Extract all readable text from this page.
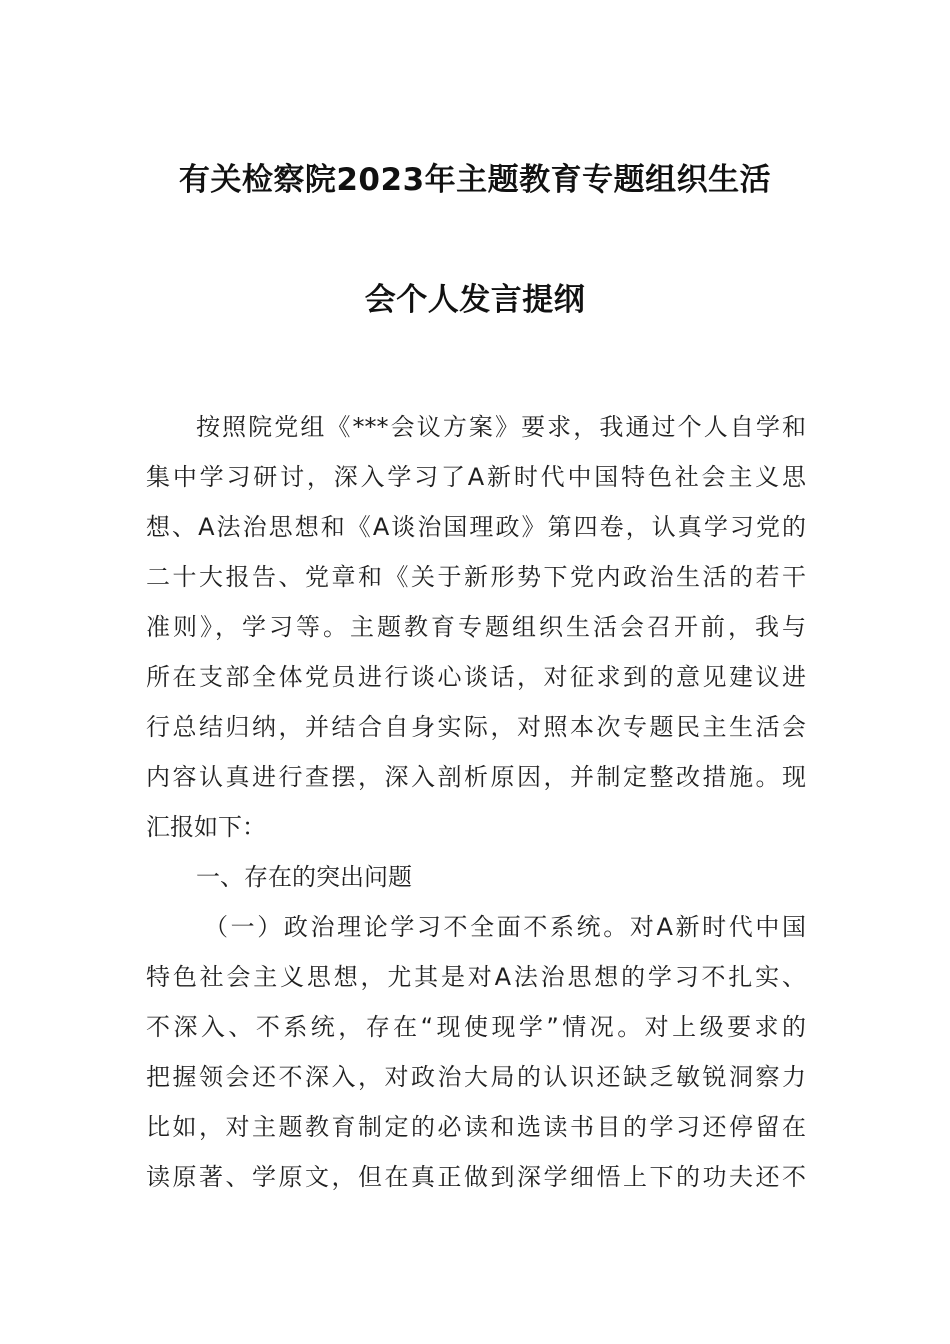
有关检察院2023年主题教育专题组织生活
会个人发言提纲
按照院党组《***会议方案》要求，我通过个人自学和
集中学习研讨，深入学习了A新时代中国特色社会主义思
想、A法治思想和《A谈治国理政》第四卷，认真学习党的
二十大报告、党章和《关于新形势下党内政治生活的若干
准则》，学习等。主题教育专题组织生活会召开前，我与
所在支部全体党员进行谈心谈话，对征求到的意见建议进
行总结归纳，并结合自身实际，对照本次专题民主生活会
内容认真进行查摆，深入剖析原因，并制定整改措施。现
汇报如下：
一、存在的突出问题
（一）政治理论学习不全面不系统。对A新时代中国
特色社会主义思想，尤其是对A法治思想的学习不扎实、
不深入、不系统，存在“现使现学”情况。对上级要求的
把握领会还不深入，对政治大局的认识还缺乏敏锐洞察力
比如，对主题教育制定的必读和选读书目的学习还停留在
读原著、学原文，但在真正做到深学细悟上下的功夫还不
